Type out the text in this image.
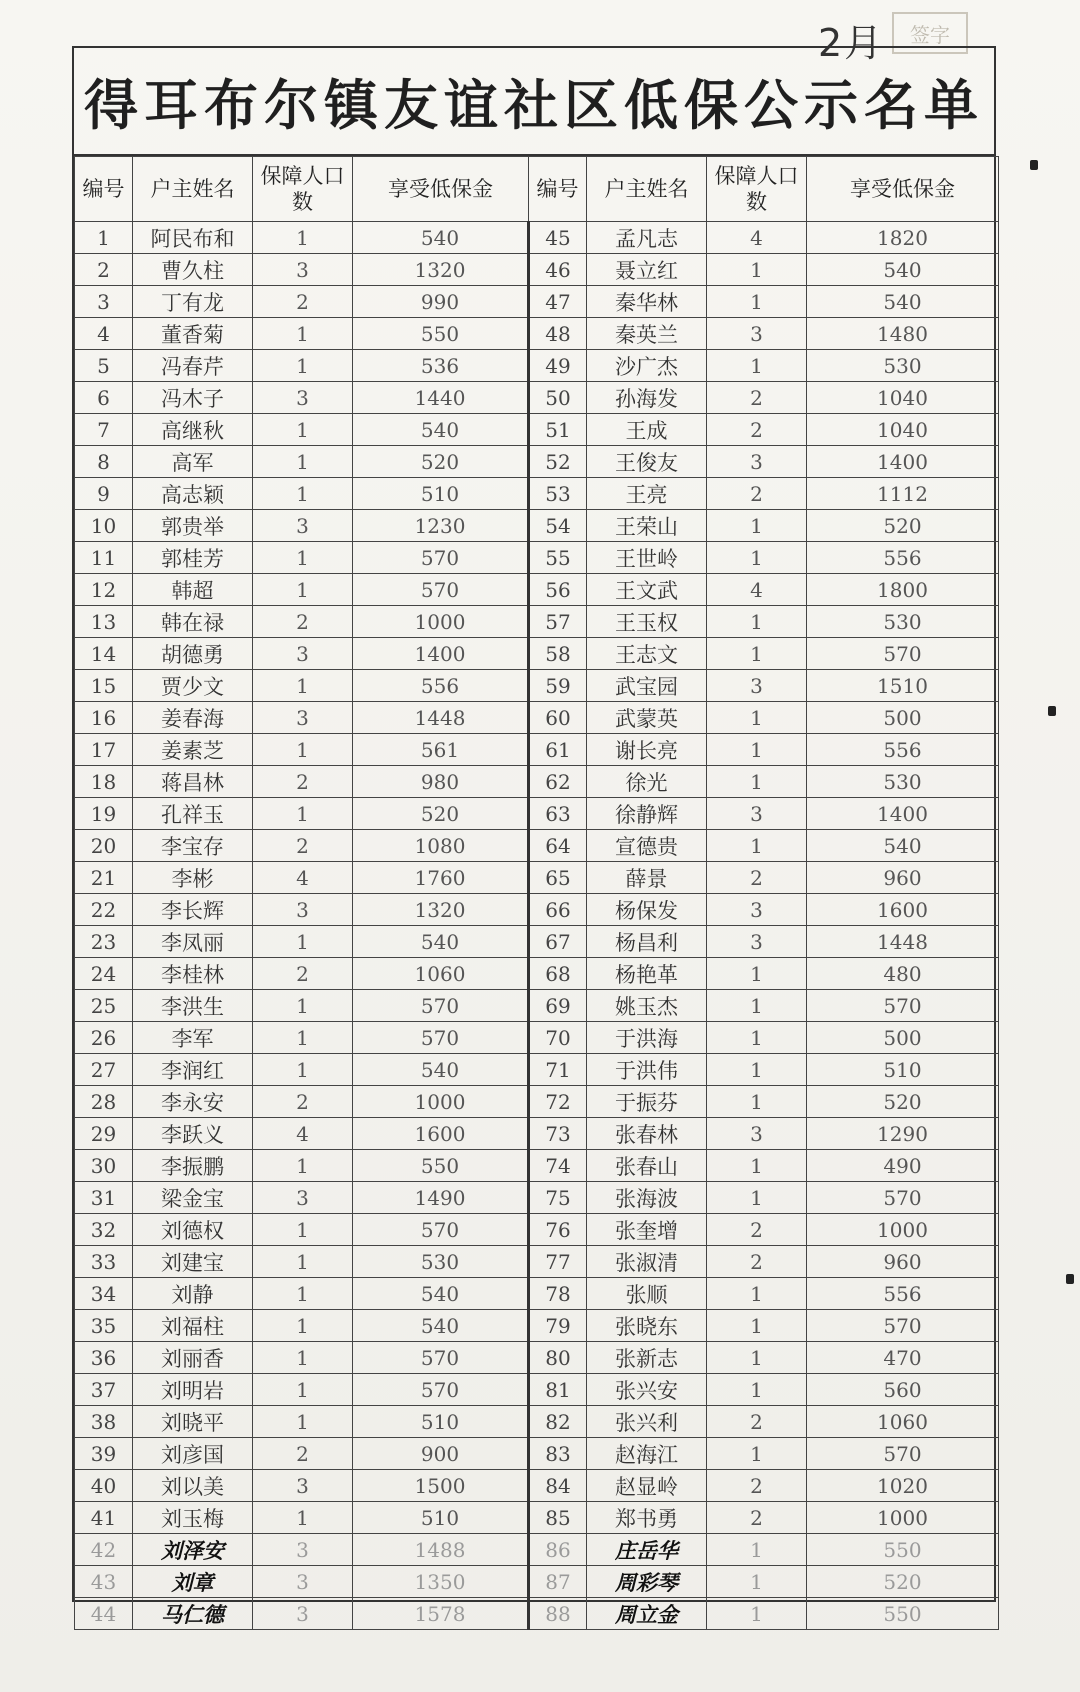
2月	签字
得耳布尔镇友谊社区低保公示名单
编号	户主姓名	保障人口数	享受低保金	编号	户主姓名	保障人口数	享受低保金
1	阿民布和	1	540	45	孟凡志	4	1820
2	曹久柱	3	1320	46	聂立红	1	540
3	丁有龙	2	990	47	秦华林	1	540
4	董香菊	1	550	48	秦英兰	3	1480
5	冯春芹	1	536	49	沙广杰	1	530
6	冯木子	3	1440	50	孙海发	2	1040
7	高继秋	1	540	51	王成	2	1040
8	高军	1	520	52	王俊友	3	1400
9	高志颖	1	510	53	王亮	2	1112
10	郭贵举	3	1230	54	王荣山	1	520
11	郭桂芳	1	570	55	王世岭	1	556
12	韩超	1	570	56	王文武	4	1800
13	韩在禄	2	1000	57	王玉权	1	530
14	胡德勇	3	1400	58	王志文	1	570
15	贾少文	1	556	59	武宝园	3	1510
16	姜春海	3	1448	60	武蒙英	1	500
17	姜素芝	1	561	61	谢长亮	1	556
18	蒋昌林	2	980	62	徐光	1	530
19	孔祥玉	1	520	63	徐静辉	3	1400
20	李宝存	2	1080	64	宣德贵	1	540
21	李彬	4	1760	65	薛景	2	960
22	李长辉	3	1320	66	杨保发	3	1600
23	李凤丽	1	540	67	杨昌利	3	1448
24	李桂林	2	1060	68	杨艳革	1	480
25	李洪生	1	570	69	姚玉杰	1	570
26	李军	1	570	70	于洪海	1	500
27	李润红	1	540	71	于洪伟	1	510
28	李永安	2	1000	72	于振芬	1	520
29	李跃义	4	1600	73	张春林	3	1290
30	李振鹏	1	550	74	张春山	1	490
31	梁金宝	3	1490	75	张海波	1	570
32	刘德权	1	570	76	张奎增	2	1000
33	刘建宝	1	530	77	张淑清	2	960
34	刘静	1	540	78	张顺	1	556
35	刘福柱	1	540	79	张晓东	1	570
36	刘丽香	1	570	80	张新志	1	470
37	刘明岩	1	570	81	张兴安	1	560
38	刘晓平	1	510	82	张兴利	2	1060
39	刘彦国	2	900	83	赵海江	1	570
40	刘以美	3	1500	84	赵显岭	2	1020
41	刘玉梅	1	510	85	郑书勇	2	1000
42	刘泽安	3	1488	86	庄岳华	1	550
43	刘章	3	1350	87	周彩琴	1	520
44	马仁德	3	1578	88	周立金	1	550
